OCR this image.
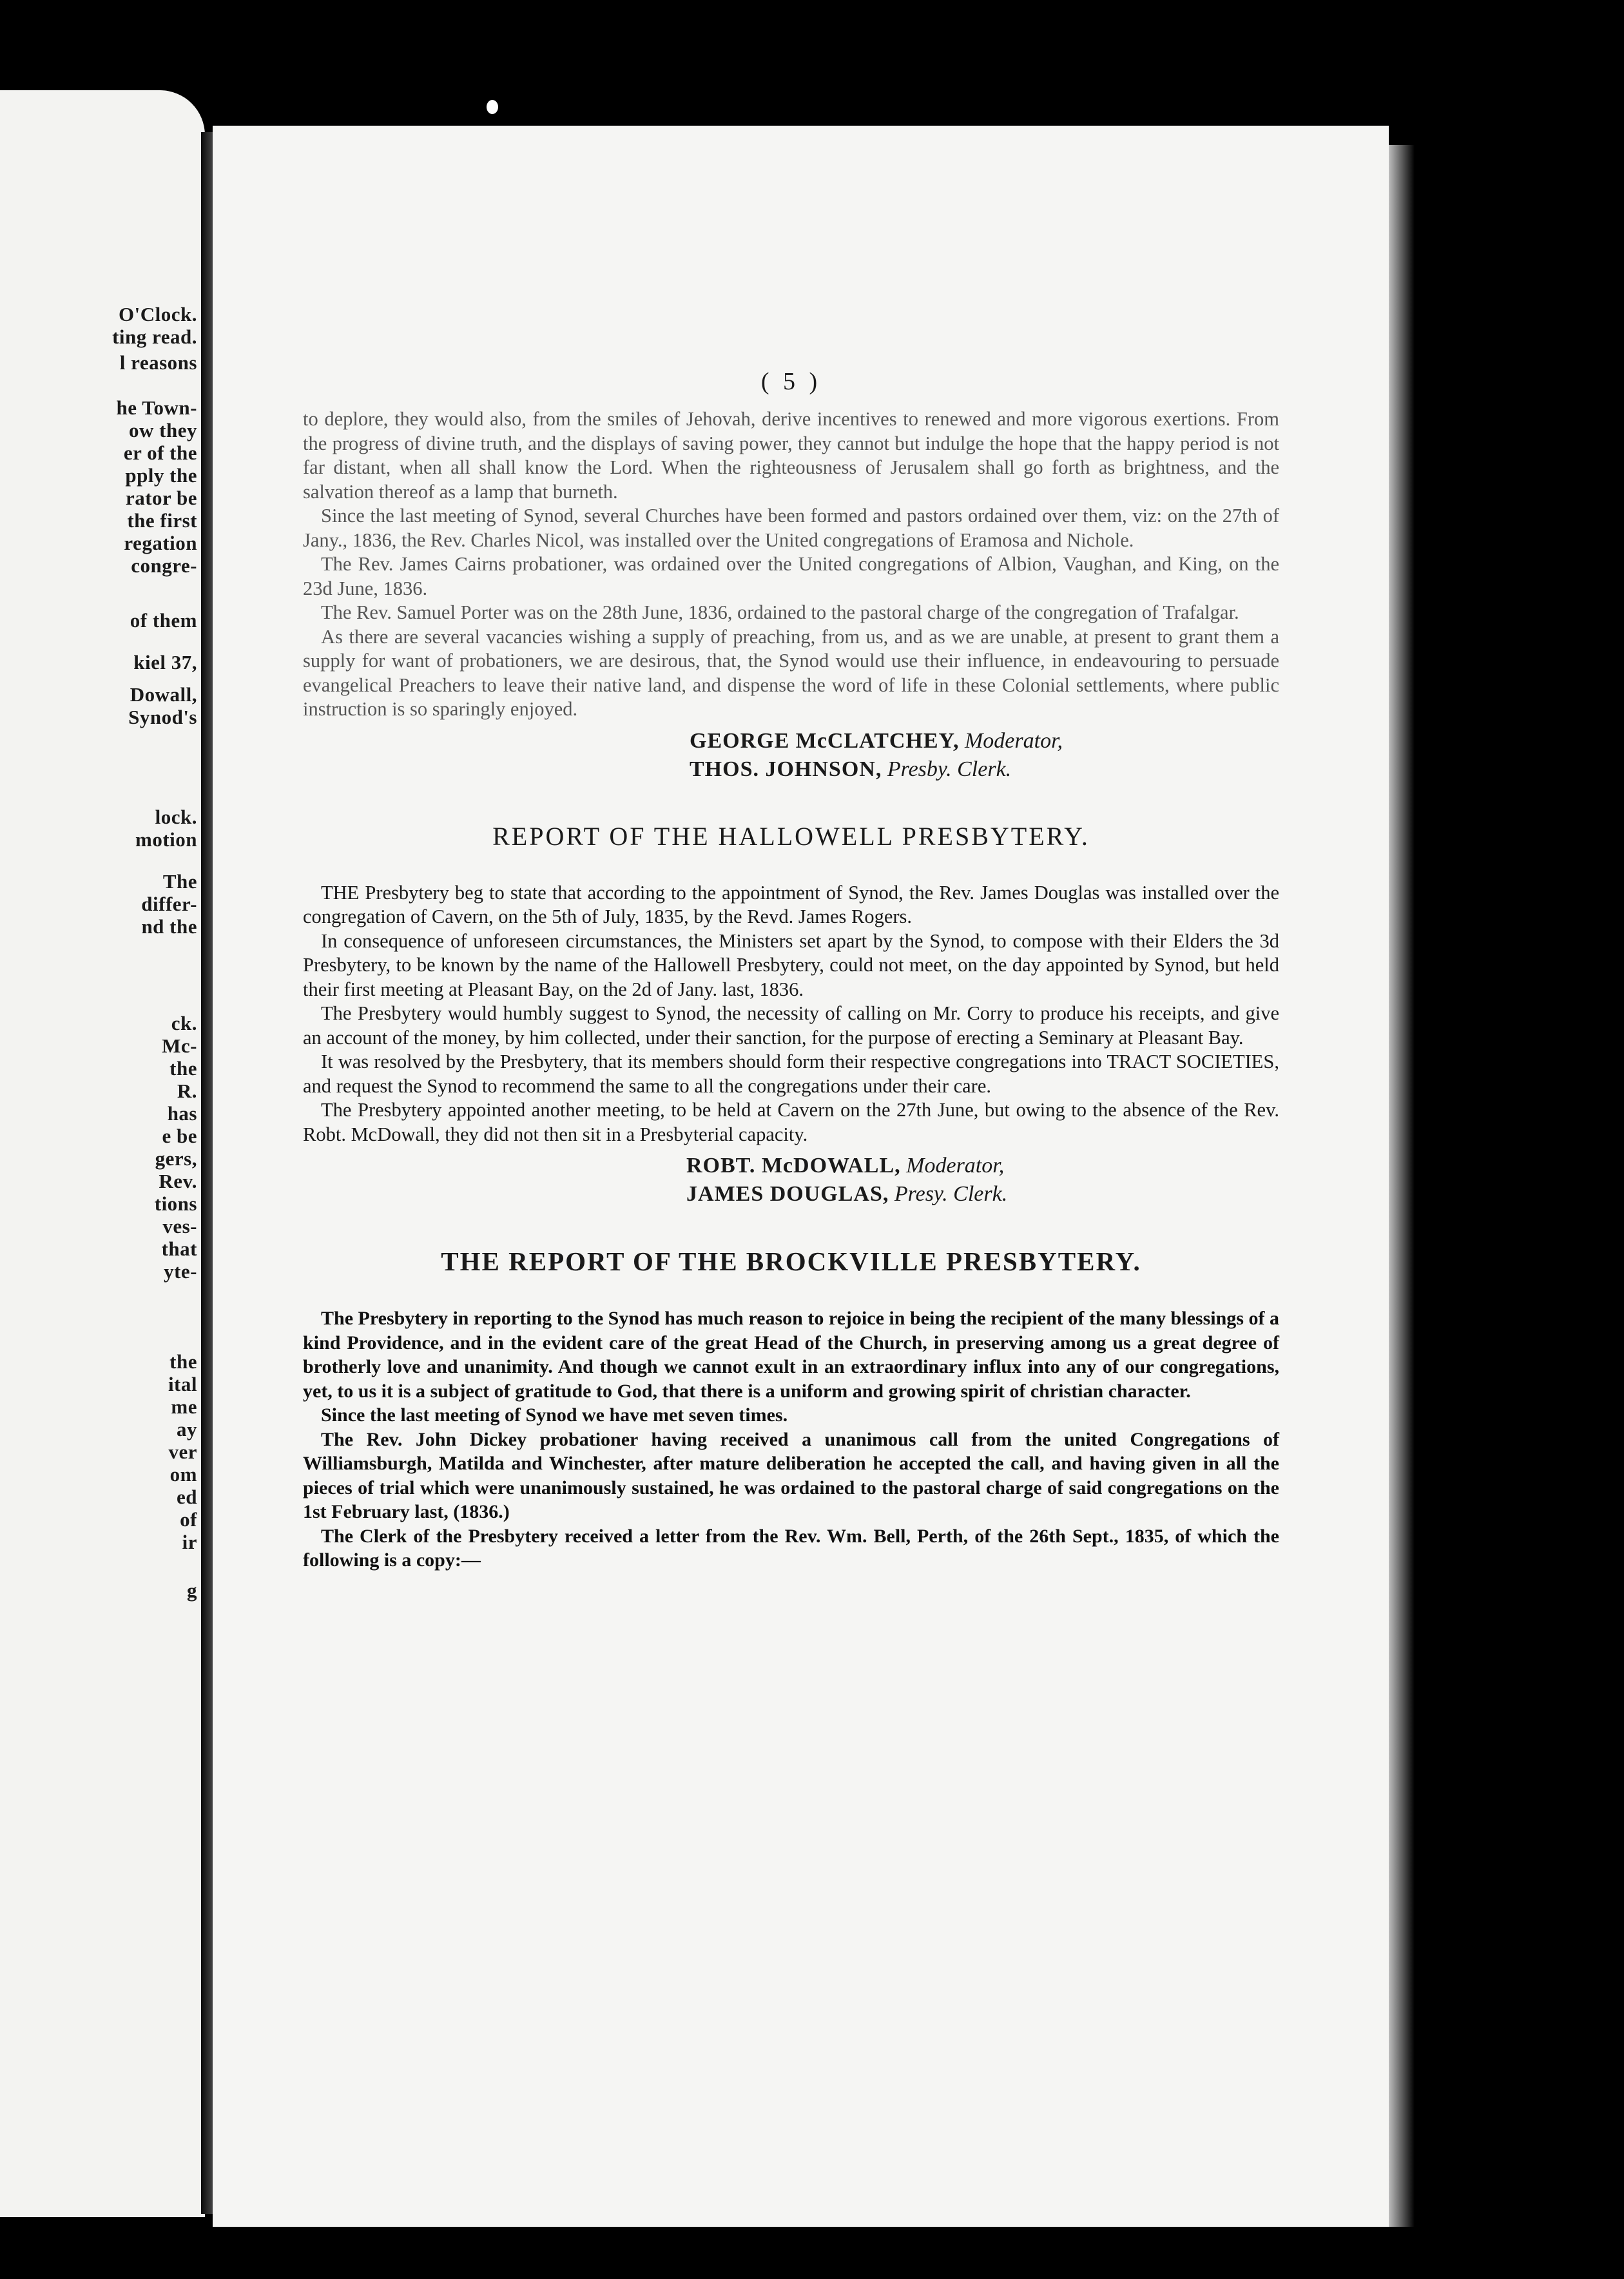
O'Clock.
ting read.
l reasons
he Town-
ow they
er of the
pply the
rator be
the first
regation
congre-
of them
kiel 37,
Dowall,
Synod's
lock.
motion
The
differ-
nd the
ck.
Mc-
the
R.
has
e be
gers,
Rev.
tions
ves-
that
yte-
the
ital
me
ay
ver
om
ed
of
ir
g
( 5 )

to deplore, they would also, from the smiles of Jehovah, derive incentives to renewed and more vigorous exertions. From the progress of divine truth, and the displays of saving power, they cannot but indulge the hope that the happy period is not far distant, when all shall know the Lord. When the righteousness of Jerusalem shall go forth as brightness, and the salvation thereof as a lamp that burneth.

Since the last meeting of Synod, several Churches have been formed and pastors ordained over them, viz: on the 27th of Jany., 1836, the Rev. Charles Nicol, was installed over the United congregations of Eramosa and Nichole.

The Rev. James Cairns probationer, was ordained over the United congregations of Albion, Vaughan, and King, on the 23d June, 1836.

The Rev. Samuel Porter was on the 28th June, 1836, ordained to the pastoral charge of the congregation of Trafalgar.

As there are several vacancies wishing a supply of preaching, from us, and as we are unable, at present to grant them a supply for want of probationers, we are desirous, that, the Synod would use their influence, in endeavouring to persuade evangelical Preachers to leave their native land, and dispense the word of life in these Colonial settlements, where public instruction is so sparingly enjoyed.

GEORGE McCLATCHEY, Moderator,

THOS. JOHNSON, Presby. Clerk.

REPORT OF THE HALLOWELL PRESBYTERY.

THE Presbytery beg to state that according to the appointment of Synod, the Rev. James Douglas was installed over the congregation of Cavern, on the 5th of July, 1835, by the Revd. James Rogers.

In consequence of unforeseen circumstances, the Ministers set apart by the Synod, to compose with their Elders the 3d Presbytery, to be known by the name of the Hallowell Presbytery, could not meet, on the day appointed by Synod, but held their first meeting at Pleasant Bay, on the 2d of Jany. last, 1836.

The Presbytery would humbly suggest to Synod, the necessity of calling on Mr. Corry to produce his receipts, and give an account of the money, by him collected, under their sanction, for the purpose of erecting a Seminary at Pleasant Bay.

It was resolved by the Presbytery, that its members should form their respective congregations into TRACT SOCIETIES, and request the Synod to recommend the same to all the congregations under their care.

The Presbytery appointed another meeting, to be held at Cavern on the 27th June, but owing to the absence of the Rev. Robt. McDowall, they did not then sit in a Presbyterial capacity.

ROBT. McDOWALL, Moderator,

JAMES DOUGLAS, Presy. Clerk.

THE REPORT OF THE BROCKVILLE PRESBYTERY.

The Presbytery in reporting to the Synod has much reason to rejoice in being the recipient of the many blessings of a kind Providence, and in the evident care of the great Head of the Church, in preserving among us a great degree of brotherly love and unanimity. And though we cannot exult in an extraordinary influx into any of our congregations, yet, to us it is a subject of gratitude to God, that there is a uniform and growing spirit of christian character.

Since the last meeting of Synod we have met seven times.

The Rev. John Dickey probationer having received a unanimous call from the united Congregations of Williamsburgh, Matilda and Winchester, after mature deliberation he accepted the call, and having given in all the pieces of trial which were unanimously sustained, he was ordained to the pastoral charge of said congregations on the 1st February last, (1836.)

The Clerk of the Presbytery received a letter from the Rev. Wm. Bell, Perth, of the 26th Sept., 1835, of which the following is a copy:—
